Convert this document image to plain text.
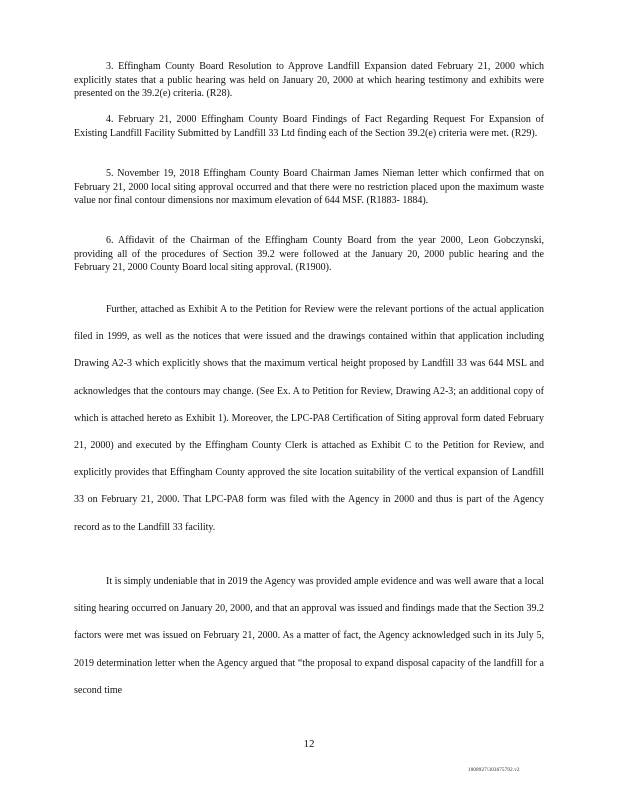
3. Effingham County Board Resolution to Approve Landfill Expansion dated February 21, 2000 which explicitly states that a public hearing was held on January 20, 2000 at which hearing testimony and exhibits were presented on the 39.2(e) criteria. (R28).

4. February 21, 2000 Effingham County Board Findings of Fact Regarding Request For Expansion of Existing Landfill Facility Submitted by Landfill 33 Ltd finding each of the Section 39.2(e) criteria were met. (R29).

5. November 19, 2018 Effingham County Board Chairman James Nieman letter which confirmed that on February 21, 2000 local siting approval occurred and that there were no restriction placed upon the maximum waste value nor final contour dimensions nor maximum elevation of 644 MSF. (R1883- 1884).

6. Affidavit of the Chairman of the Effingham County Board from the year 2000, Leon Gobczynski, providing all of the procedures of Section 39.2 were followed at the January 20, 2000 public hearing and the February 21, 2000 County Board local siting approval. (R1900).

Further, attached as Exhibit A to the Petition for Review were the relevant portions of the actual application filed in 1999, as well as the notices that were issued and the drawings contained within that application including Drawing A2-3 which explicitly shows that the maximum vertical height proposed by Landfill 33 was 644 MSL and acknowledges that the contours may change. (See Ex. A to Petition for Review, Drawing A2-3; an additional copy of which is attached hereto as Exhibit 1). Moreover, the LPC-PA8 Certification of Siting approval form dated February 21, 2000) and executed by the Effingham County Clerk is attached as Exhibit C to the Petition for Review, and explicitly provides that Effingham County approved the site location suitability of the vertical expansion of Landfill 33 on February 21, 2000. That LPC-PA8 form was filed with the Agency in 2000 and thus is part of the Agency record as to the Landfill 33 facility.

It is simply undeniable that in 2019 the Agency was provided ample evidence and was well aware that a local siting hearing occurred on January 20, 2000, and that an approval was issued and findings made that the Section 39.2 factors were met was issued on February 21, 2000. As a matter of fact, the Agency acknowledged such in its July 5, 2019 determination letter when the Agency argued that “the proposal to expand disposal capacity of the landfill for a second time

12
1008927\303675792.v2
